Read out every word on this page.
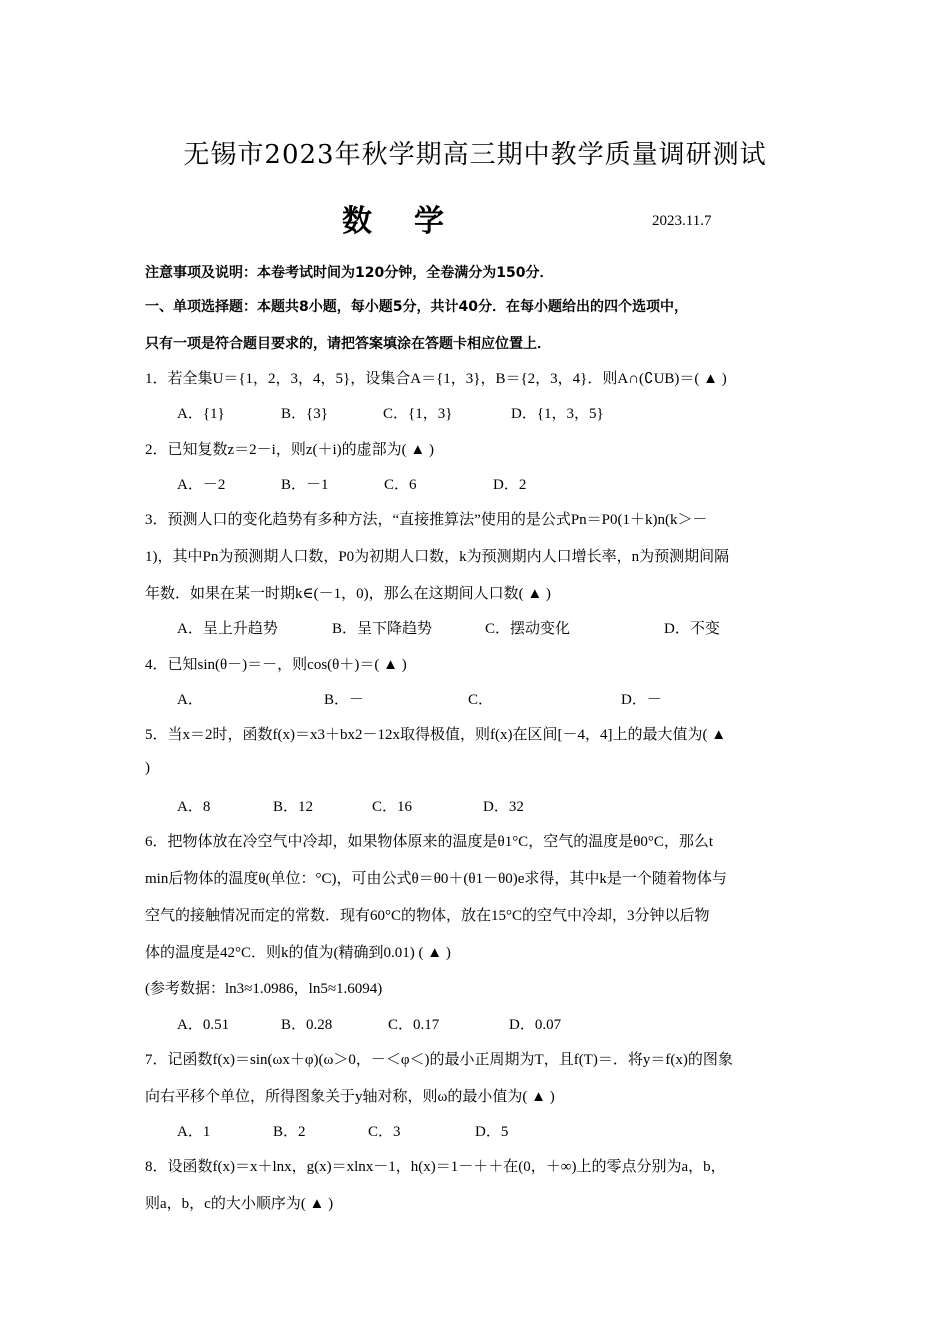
无锡市2023年秋学期高三期中教学质量调研测试
数学	2023.11.7
注意事项及说明：本卷考试时间为120分钟，全卷满分为150分．
一、单项选择题：本题共8小题，每小题5分，共计40分．在每小题给出的四个选项中，
只有一项是符合题目要求的，请把答案填涂在答题卡相应位置上．
1．若全集U＝{1，2，3，4，5}，设集合A＝{1，3}，B＝{2，3，4}．则A∩(∁UB)＝( ▲ )
A．{1}	B．{3}	C．{1，3}	D．{1，3，5}
2．已知复数z＝2－i，则z(＋i)的虚部为( ▲ )
A．－2	B．－1	C．6	D．2
3．预测人口的变化趋势有多种方法，“直接推算法”使用的是公式Pn＝P0(1＋k)n(k＞－
1)，其中Pn为预测期人口数，P0为初期人口数，k为预测期内人口增长率，n为预测期间隔
年数．如果在某一时期k∈(－1，0)，那么在这期间人口数( ▲ )
A．呈上升趋势	B．呈下降趋势	C．摆动变化	D．不变
4．已知sin(θ－)＝－，则cos(θ＋)＝( ▲ )
A．	B．－	C．	D．－
5．当x＝2时，函数f(x)＝x3＋bx2－12x取得极值，则f(x)在区间[－4，4]上的最大值为( ▲
)
A．8	B．12	C．16	D．32
6．把物体放在冷空气中冷却，如果物体原来的温度是θ1°C，空气的温度是θ0°C，那么t
min后物体的温度θ(单位：°C)，可由公式θ＝θ0＋(θ1－θ0)e求得，其中k是一个随着物体与
空气的接触情况而定的常数．现有60°C的物体，放在15°C的空气中冷却，3分钟以后物
体的温度是42°C．则k的值为(精确到0.01) ( ▲ )
(参考数据：ln3≈1.0986，ln5≈1.6094)
A．0.51	B．0.28	C．0.17	D．0.07
7．记函数f(x)＝sin(ωx＋φ)(ω＞0，－＜φ＜)的最小正周期为T，且f(T)＝．将y＝f(x)的图象
向右平移个单位，所得图象关于y轴对称，则ω的最小值为( ▲ )
A．1	B．2	C．3	D．5
8．设函数f(x)＝x＋lnx，g(x)＝xlnx－1，h(x)＝1－＋＋在(0，＋∞)上的零点分别为a，b，
则a，b，c的大小顺序为( ▲ )
